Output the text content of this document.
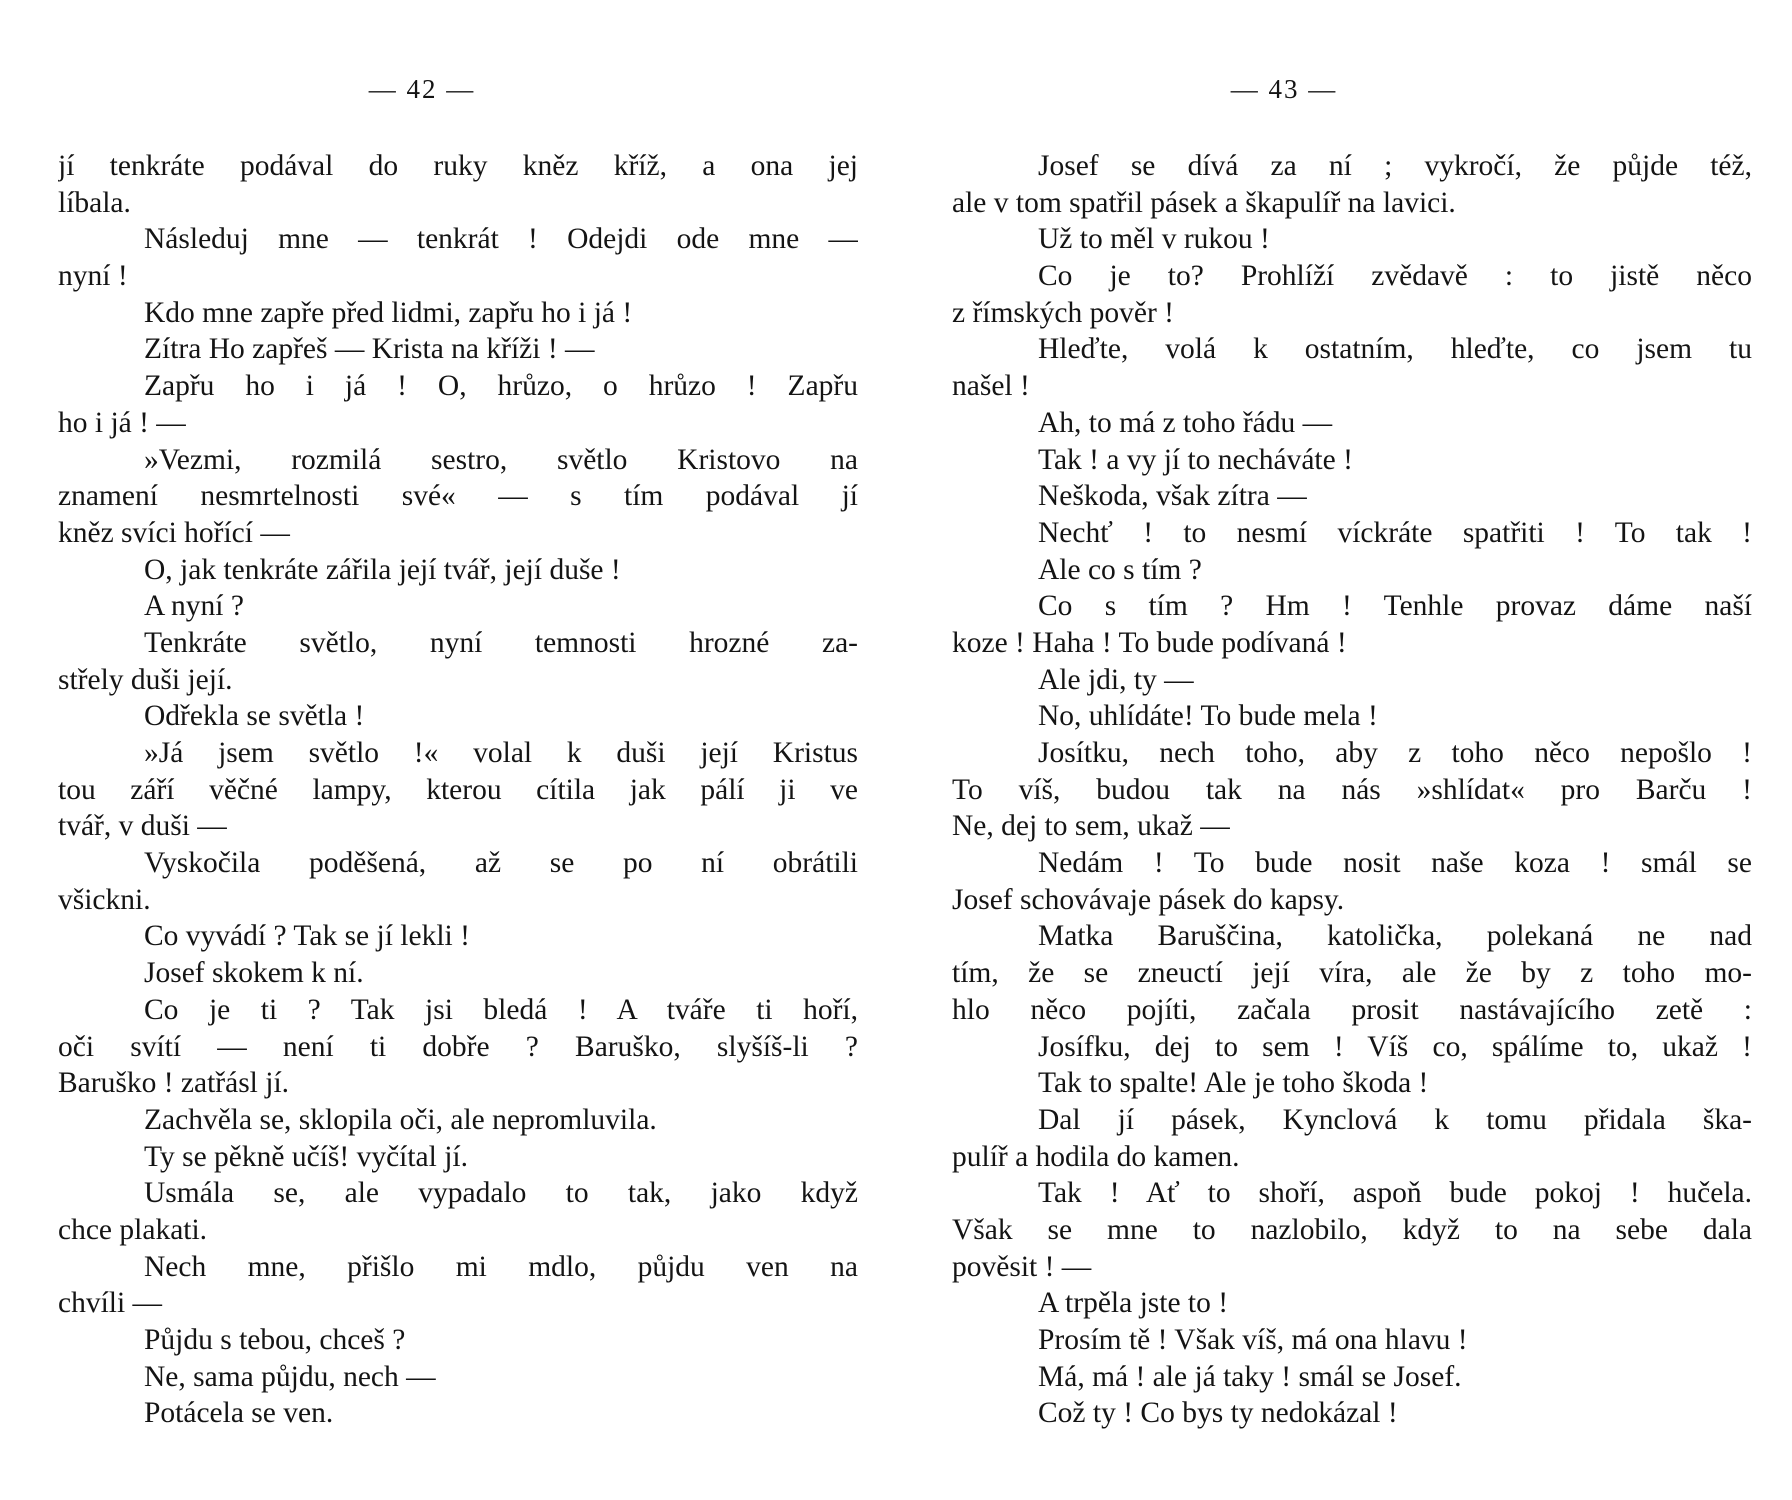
— 42 —
jí tenkráte podával do ruky kněz kříž, a ona jej
líbala.
Následuj mne — tenkrát ! Odejdi ode mne —
nyní !
Kdo mne zapře před lidmi, zapřu ho i já !
Zítra Ho zapřeš — Krista na kříži ! —
Zapřu ho i já ! O, hrůzo, o hrůzo ! Zapřu
ho i já ! —
»Vezmi, rozmilá sestro, světlo Kristovo na
znamení nesmrtelnosti své« — s tím podával jí
kněz svíci hořící —
O, jak tenkráte zářila její tvář, její duše !
A nyní ?
Tenkráte světlo, nyní temnosti hrozné za-
střely duši její.
Odřekla se světla !
»Já jsem světlo !« volal k duši její Kristus
tou září věčné lampy, kterou cítila jak pálí ji ve
tvář, v duši —
Vyskočila poděšená, až se po ní obrátili
všickni.
Co vyvádí ? Tak se jí lekli !
Josef skokem k ní.
Co je ti ? Tak jsi bledá ! A tváře ti hoří,
oči svítí — není ti dobře ? Baruško, slyšíš-li ?
Baruško ! zatřásl jí.
Zachvěla se, sklopila oči, ale nepromluvila.
Ty se pěkně učíš! vyčítal jí.
Usmála se, ale vypadalo to tak, jako když
chce plakati.
Nech mne, přišlo mi mdlo, půjdu ven na
chvíli —
Půjdu s tebou, chceš ?
Ne, sama půjdu, nech —
Potácela se ven.
— 43 —
Josef se dívá za ní ; vykročí, že půjde též,
ale v tom spatřil pásek a škapulíř na lavici.
Už to měl v rukou !
Co je to? Prohlíží zvědavě : to jistě něco
z římských pověr !
Hleďte, volá k ostatním, hleďte, co jsem tu
našel !
Ah, to má z toho řádu —
Tak ! a vy jí to necháváte !
Neškoda, však zítra —
Nechť ! to nesmí víckráte spatřiti ! To tak !
Ale co s tím ?
Co s tím ? Hm ! Tenhle provaz dáme naší
koze ! Haha ! To bude podívaná !
Ale jdi, ty —
No, uhlídáte! To bude mela !
Josítku, nech toho, aby z toho něco nepošlo !
To víš, budou tak na nás »shlídat« pro Barču !
Ne, dej to sem, ukaž —
Nedám ! To bude nosit naše koza ! smál se
Josef schovávaje pásek do kapsy.
Matka Baruščina, katolička, polekaná ne nad
tím, že se zneuctí její víra, ale že by z toho mo-
hlo něco pojíti, začala prosit nastávajícího zetě :
Josífku, dej to sem ! Víš co, spálíme to, ukaž !
Tak to spalte! Ale je toho škoda !
Dal jí pásek, Kynclová k tomu přidala ška-
pulíř a hodila do kamen.
Tak ! Ať to shoří, aspoň bude pokoj ! hučela.
Však se mne to nazlobilo, když to na sebe dala
pověsit ! —
A trpěla jste to !
Prosím tě ! Však víš, má ona hlavu !
Má, má ! ale já taky ! smál se Josef.
Což ty ! Co bys ty nedokázal !
